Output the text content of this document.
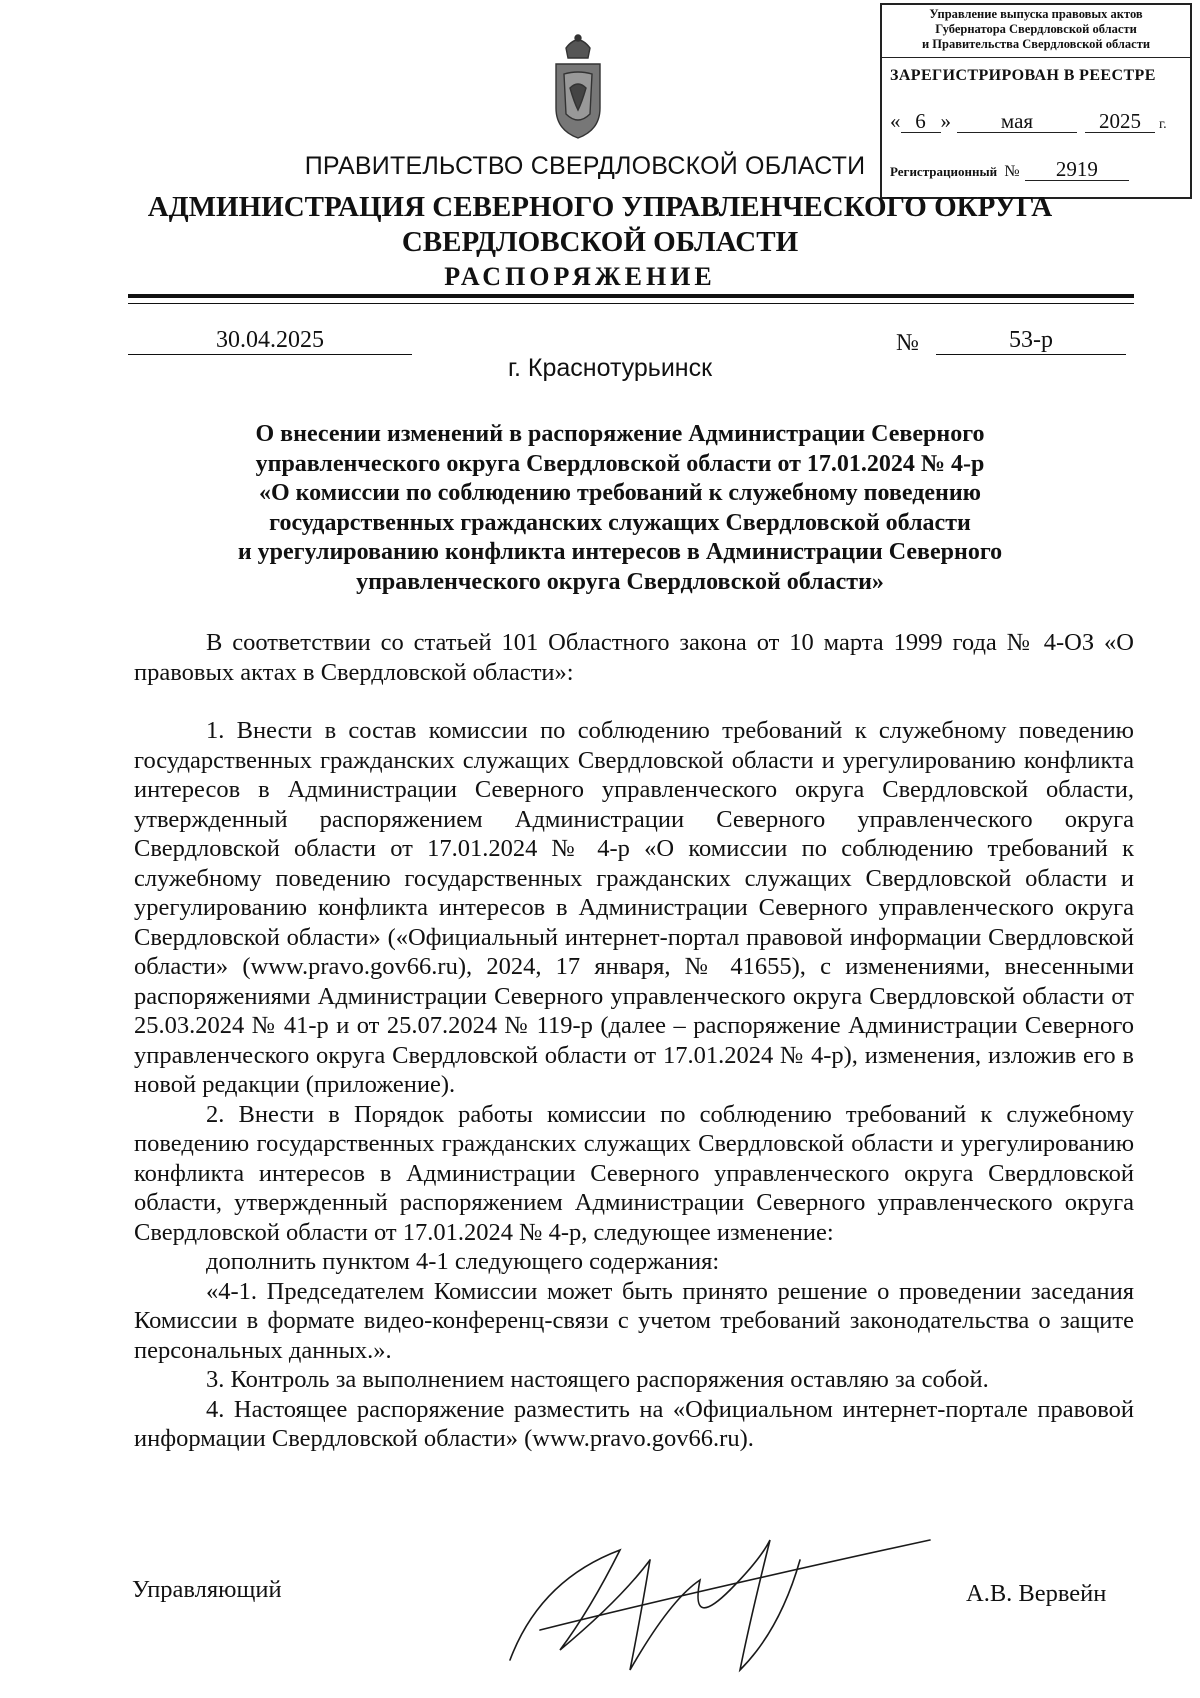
Управление выпуска правовых актов
Губернатора Свердловской области
и Правительства Свердловской области
ЗАРЕГИСТРИРОВАН В РЕЕСТРЕ
« 6 » мая	2025 г.
Регистрационный № 2919
ПРАВИТЕЛЬСТВО СВЕРДЛОВСКОЙ ОБЛАСТИ
АДМИНИСТРАЦИЯ СЕВЕРНОГО УПРАВЛЕНЧЕСКОГО ОКРУГА
СВЕРДЛОВСКОЙ ОБЛАСТИ
РАСПОРЯЖЕНИЕ
30.04.2025	№	53-р
г. Краснотурьинск
О внесении изменений в распоряжение Администрации Северного
управленческого округа Свердловской области от 17.01.2024 № 4-р
«О комиссии по соблюдению требований к служебному поведению
государственных гражданских служащих Свердловской области
и урегулированию конфликта интересов в Администрации Северного
управленческого округа Свердловской области»

В соответствии со статьей 101 Областного закона от 10 марта 1999 года № 4-ОЗ «О правовых актах в Свердловской области»:

1. Внести в состав комиссии по соблюдению требований к служебному поведению государственных гражданских служащих Свердловской области и урегулированию конфликта интересов в Администрации Северного управленческого округа Свердловской области, утвержденный распоряжением Администрации Северного управленческого округа Свердловской области от 17.01.2024 № 4-р «О комиссии по соблюдению требований к служебному поведению государственных гражданских служащих Свердловской области и урегулированию конфликта интересов в Администрации Северного управленческого округа Свердловской области» («Официальный интернет-портал правовой информации Свердловской области» (www.pravo.gov66.ru), 2024, 17 января, № 41655), с изменениями, внесенными распоряжениями Администрации Северного управленческого округа Свердловской области от 25.03.2024 № 41-р и от 25.07.2024 № 119-р (далее – распоряжение Администрации Северного управленческого округа Свердловской области от 17.01.2024 № 4-р), изменения, изложив его в новой редакции (приложение).

2. Внести в Порядок работы комиссии по соблюдению требований к служебному поведению государственных гражданских служащих Свердловской области и урегулированию конфликта интересов в Администрации Северного управленческого округа Свердловской области, утвержденный распоряжением Администрации Северного управленческого округа Свердловской области от 17.01.2024 № 4-р, следующее изменение:

дополнить пунктом 4-1 следующего содержания:

«4-1. Председателем Комиссии может быть принято решение о проведении заседания Комиссии в формате видео-конференц-связи с учетом требований законодательства о защите персональных данных.».

3. Контроль за выполнением настоящего распоряжения оставляю за собой.

4. Настоящее распоряжение разместить на «Официальном интернет-портале правовой информации Свердловской области» (www.pravo.gov66.ru).

Управляющий	А.В. Вервейн
